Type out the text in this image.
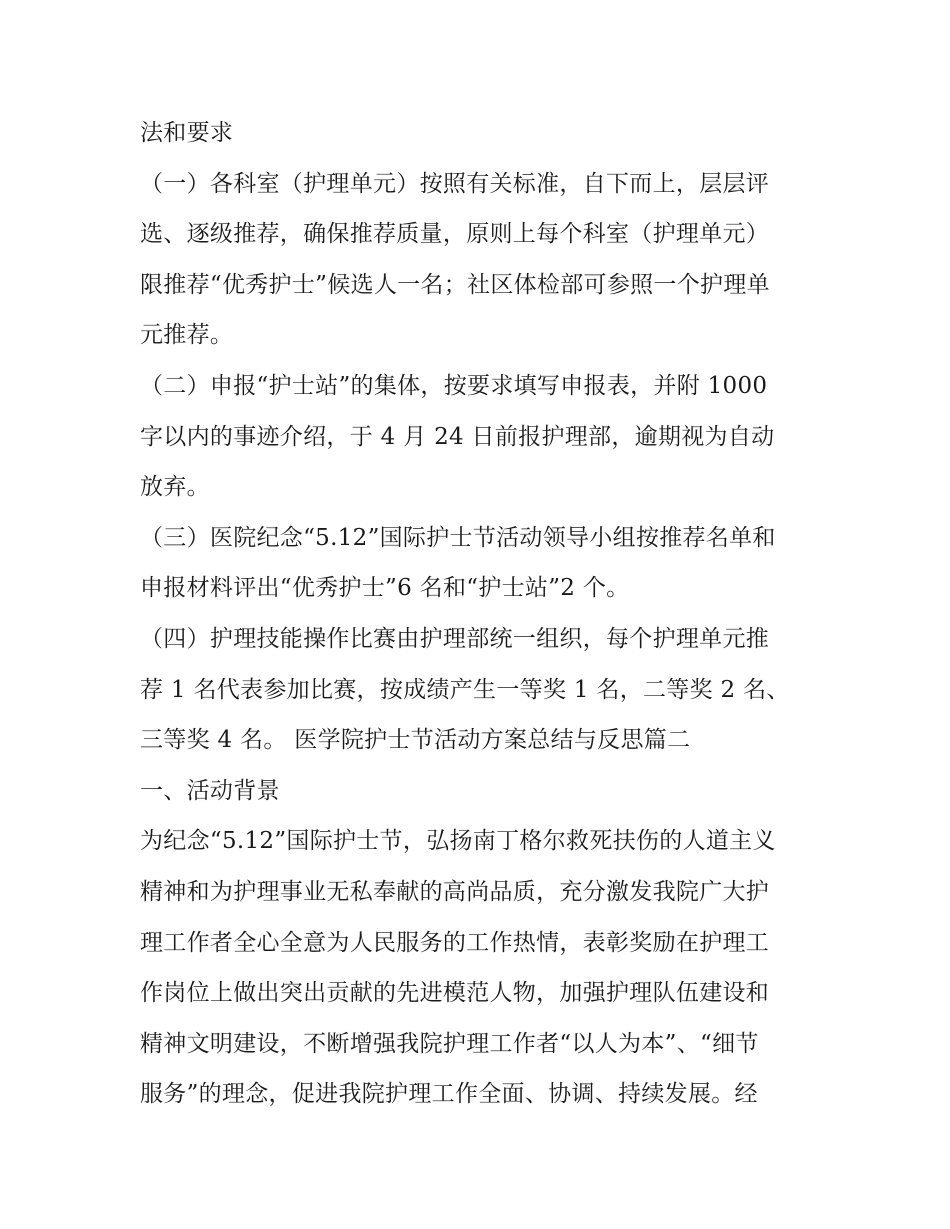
法和要求
（一）各科室（护理单元）按照有关标准，自下而上，层层评
选、逐级推荐，确保推荐质量，原则上每个科室（护理单元）
限推荐“优秀护士”候选人一名；社区体检部可参照一个护理单
元推荐。
（二）申报“护士站”的集体，按要求填写申报表，并附 1000
字以内的事迹介绍，于 4 月 24 日前报护理部，逾期视为自动
放弃。
（三）医院纪念“5.12”国际护士节活动领导小组按推荐名单和
申报材料评出“优秀护士”6 名和“护士站”2 个。
（四）护理技能操作比赛由护理部统一组织，每个护理单元推
荐 1 名代表参加比赛，按成绩产生一等奖 1 名，二等奖 2 名、
三等奖 4 名。 医学院护士节活动方案总结与反思篇二
一、活动背景
为纪念“5.12”国际护士节，弘扬南丁格尔救死扶伤的人道主义
精神和为护理事业无私奉献的高尚品质，充分激发我院广大护
理工作者全心全意为人民服务的工作热情，表彰奖励在护理工
作岗位上做出突出贡献的先进模范人物，加强护理队伍建设和
精神文明建设，不断增强我院护理工作者“以人为本”、“细节
服务”的理念，促进我院护理工作全面、协调、持续发展。经
